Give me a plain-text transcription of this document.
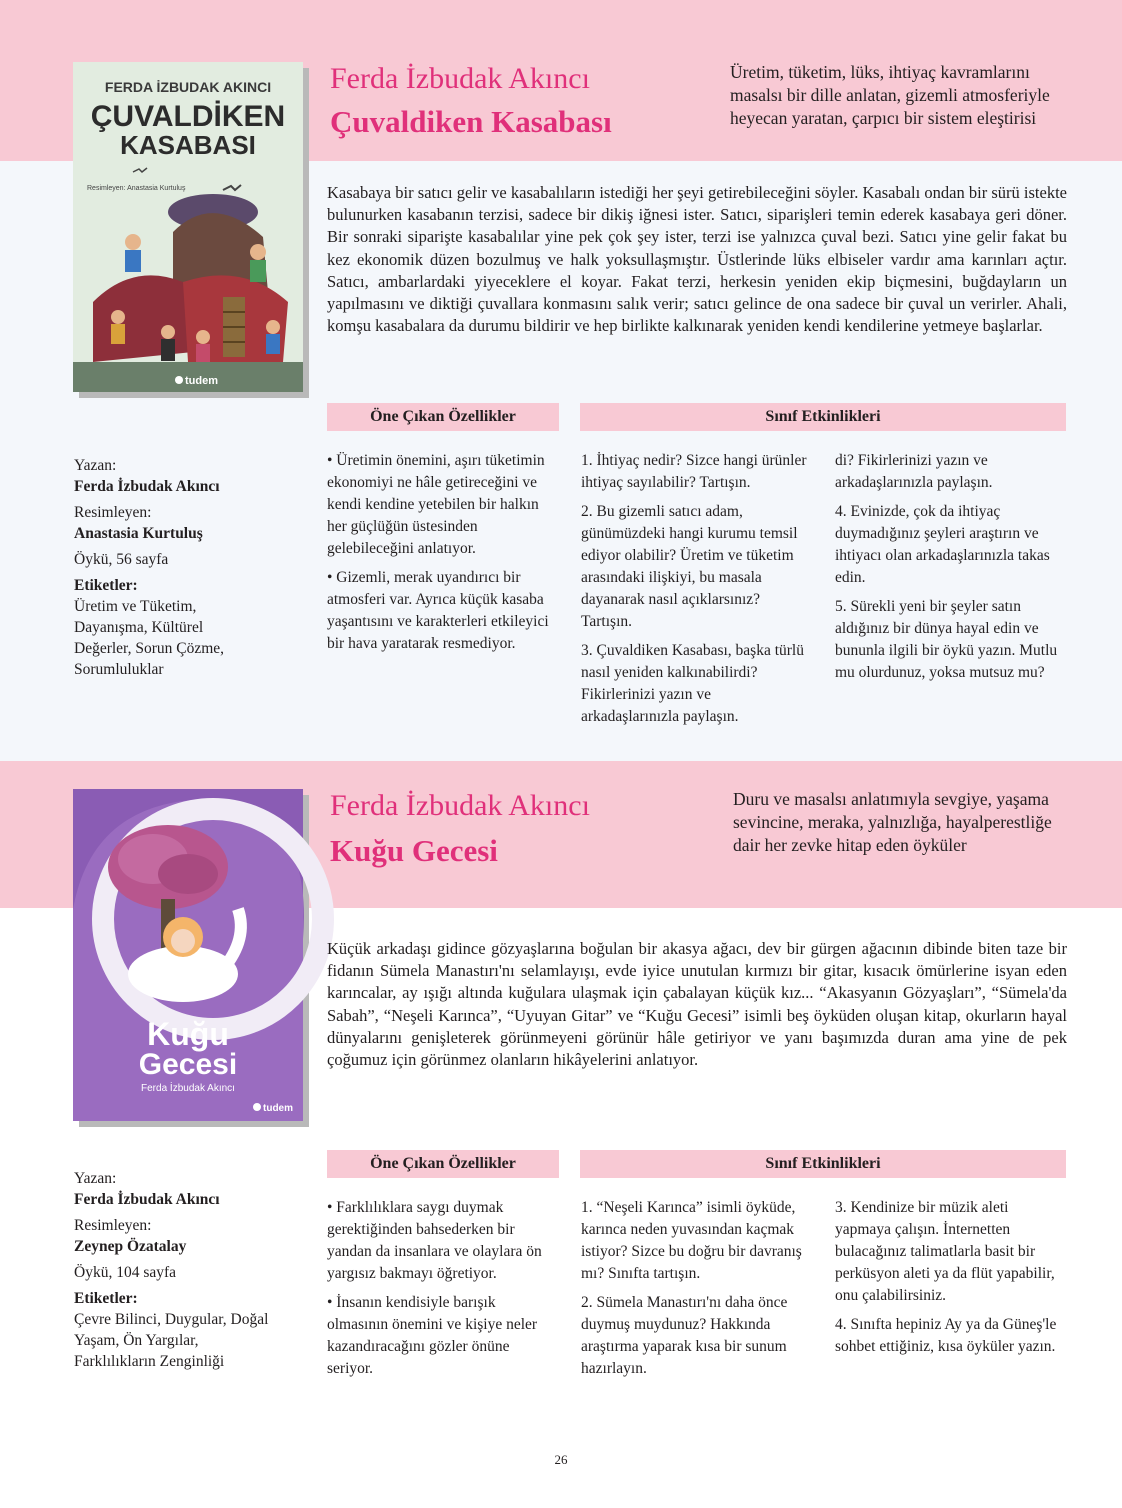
FERDA İZBUDAK AKINCI
ÇUVALDİKEN
KASABASI
Resimleyen: Anastasia Kurtuluş
tudem
Ferda İzbudak Akıncı
Çuvaldiken Kasabası
Üretim, tüketim, lüks, ihtiyaç kavramlarını masalsı bir dille anlatan, gizemli atmosferiyle heyecan yaratan, çarpıcı bir sistem eleştirisi
Kasabaya bir satıcı gelir ve kasabalıların istediği her şeyi getirebileceğini söyler. Kasabalı ondan bir sürü istekte bulunurken kasabanın terzisi, sadece bir dikiş iğnesi ister. Satıcı, siparişleri temin ederek kasabaya geri döner. Bir sonraki siparişte kasabalılar yine pek çok şey ister, terzi ise yalnızca çuval bezi. Satıcı yine gelir fakat bu kez ekonomik düzen bozulmuş ve halk yoksullaşmıştır. Üstlerinde lüks elbiseler vardır ama karınları açtır. Satıcı, ambarlardaki yiyeceklere el koyar. Fakat terzi, herkesin yeniden ekip biçmesini, buğdayların un yapılmasını ve diktiği çuvallara konmasını salık verir; satıcı gelince de ona sadece bir çuval un verirler. Ahali, komşu kasabalara da durumu bildirir ve hep birlikte kalkınarak yeniden kendi kendilerine yetmeye başlarlar.
Öne Çıkan Özellikler	Sınıf Etkinlikleri
Yazan:
Ferda İzbudak Akıncı
Resimleyen:
Anastasia Kurtuluş
Öykü, 56 sayfa
Etiketler:
Üretim ve Tüketim, Dayanışma, Kültürel Değerler, Sorun Çözme, Sorumluluklar

• Üretimin önemini, aşırı tüketimin ekonomiyi ne hâle getireceğini ve kendi kendine yetebilen bir halkın her güçlüğün üstesinden gelebileceğini anlatıyor.

• Gizemli, merak uyandırıcı bir atmosferi var. Ayrıca küçük kasaba yaşantısını ve karakterleri etkileyici bir hava yaratarak resmediyor.

1. İhtiyaç nedir? Sizce hangi ürünler ihtiyaç sayılabilir? Tartışın.

2. Bu gizemli satıcı adam, günümüzdeki hangi kurumu temsil ediyor olabilir? Üretim ve tüketim arasındaki ilişkiyi, bu masala dayanarak nasıl açıklarsınız? Tartışın.

3. Çuvaldiken Kasabası, başka türlü nasıl yeniden kalkınabilirdi? Fikirlerinizi yazın ve arkadaşlarınızla paylaşın.

di? Fikirlerinizi yazın ve arkadaşlarınızla paylaşın.

4. Evinizde, çok da ihtiyaç duymadığınız şeyleri araştırın ve ihtiyacı olan arkadaşlarınızla takas edin.

5. Sürekli yeni bir şeyler satın aldığınız bir dünya hayal edin ve bununla ilgili bir öykü yazın. Mutlu mu olurdunuz, yoksa mutsuz mu?

Kuğu
Gecesi
Ferda İzbudak Akıncı
tudem
Ferda İzbudak Akıncı
Kuğu Gecesi
Duru ve masalsı anlatımıyla sevgiye, yaşama sevincine, meraka, yalnızlığa, hayalperestliğe dair her zevke hitap eden öyküler
Küçük arkadaşı gidince gözyaşlarına boğulan bir akasya ağacı, dev bir gürgen ağacının dibinde biten taze bir fidanın Sümela Manastırı'nı selamlayışı, evde iyice unutulan kırmızı bir gitar, kısacık ömürlerine isyan eden karıncalar, ay ışığı altında kuğulara ulaşmak için çabalayan küçük kız... “Akasyanın Gözyaşları”, “Sümela'da Sabah”, “Neşeli Karınca”, “Uyuyan Gitar” ve “Kuğu Gecesi” isimli beş öyküden oluşan kitap, okurların hayal dünyalarını genişleterek görünmeyeni görünür hâle getiriyor ve yanı başımızda duran ama yine de pek çoğumuz için görünmez olanların hikâyelerini anlatıyor.
Öne Çıkan Özellikler	Sınıf Etkinlikleri
Yazan:
Ferda İzbudak Akıncı
Resimleyen:
Zeynep Özatalay
Öykü, 104 sayfa
Etiketler:
Çevre Bilinci, Duygular, Doğal Yaşam, Ön Yargılar, Farklılıkların Zenginliği

• Farklılıklara saygı duymak gerektiğinden bahsederken bir yandan da insanlara ve olaylara ön yargısız bakmayı öğretiyor.

• İnsanın kendisiyle barışık olmasının önemini ve kişiye neler kazandıracağını gözler önüne seriyor.

1. “Neşeli Karınca” isimli öyküde, karınca neden yuvasından kaçmak istiyor? Sizce bu doğru bir davranış mı? Sınıfta tartışın.

2. Sümela Manastırı'nı daha önce duymuş muydunuz? Hakkında araştırma yaparak kısa bir sunum hazırlayın.

3. Kendinize bir müzik aleti yapmaya çalışın. İnternetten bulacağınız talimatlarla basit bir perküsyon aleti ya da flüt yapabilir, onu çalabilirsiniz.

4. Sınıfta hepiniz Ay ya da Güneş'le sohbet ettiğiniz, kısa öyküler yazın.

26
